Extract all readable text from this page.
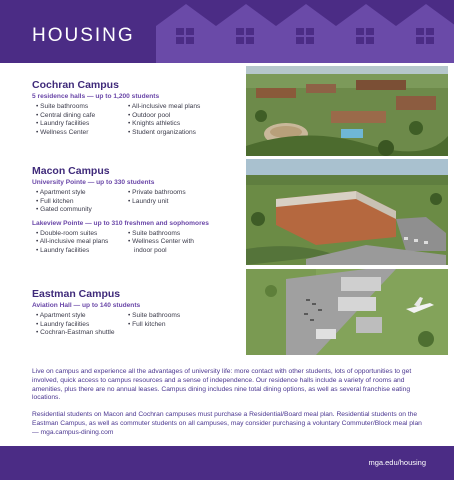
HOUSING
Cochran Campus
5 residence halls — up to 1,200 students
• Suite bathrooms
• Central dining cafe
• Laundry facilities
• Wellness Center
• All-inclusive meal plans
• Outdoor pool
• Knights athletics
• Student organizations
Macon Campus
University Pointe — up to 330 students
• Apartment style
• Full kitchen
• Gated community
• Private bathrooms
• Laundry unit
Lakeview Pointe — up to 310 freshmen and sophomores
• Double-room suites
• All-inclusive meal plans
• Laundry facilities
• Suite bathrooms
• Wellness Center with
indoor pool
Eastman Campus
Aviation Hall — up to 140 students
• Apartment style
• Laundry facilities
• Cochran-Eastman shuttle
• Suite bathrooms
• Full kitchen

Live on campus and experience all the advantages of university life: more contact with other students, lots of opportunities to get involved, quick access to campus resources and a sense of independence. Our residence halls include a variety of rooms and amenities, plus there are no annual leases. Campus dining includes nine total dining options, as well as several franchise eating locations.

Residential students on Macon and Cochran campuses must purchase a Residential/Board meal plan. Residential students on the Eastman Campus, as well as commuter students on all campuses, may consider purchasing a voluntary Commuter/Block meal plan — mga.campus-dining.com

mga.edu/housing
